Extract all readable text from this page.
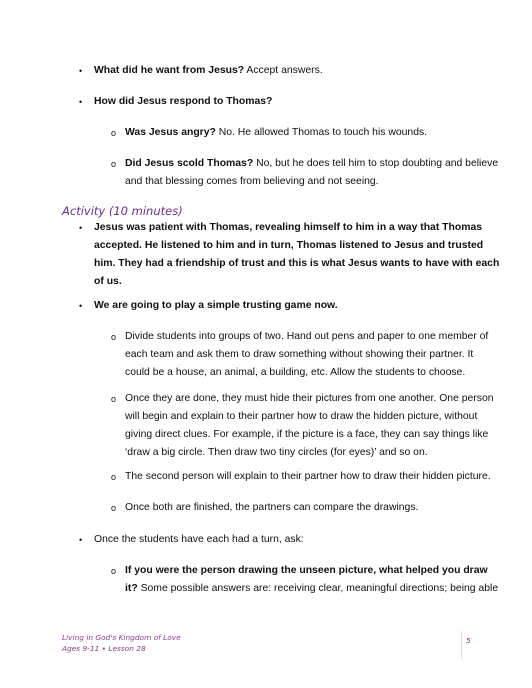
• What did he want from Jesus? Accept answers.

• How did Jesus respond to Thomas?

o Was Jesus angry? No. He allowed Thomas to touch his wounds.

o Did Jesus scold Thomas? No, but he does tell him to stop doubting and believe

and that blessing comes from believing and not seeing.

Activity (10 minutes)

• Jesus was patient with Thomas, revealing himself to him in a way that Thomas

accepted. He listened to him and in turn, Thomas listened to Jesus and trusted

him. They had a friendship of trust and this is what Jesus wants to have with each

of us.

• We are going to play a simple trusting game now.

o Divide students into groups of two. Hand out pens and paper to one member of

each team and ask them to draw something without showing their partner. It

could be a house, an animal, a building, etc. Allow the students to choose.

o Once they are done, they must hide their pictures from one another. One person

will begin and explain to their partner how to draw the hidden picture, without

giving direct clues. For example, if the picture is a face, they can say things like

‘draw a big circle. Then draw two tiny circles (for eyes)’ and so on.

o The second person will explain to their partner how to draw their hidden picture.

o Once both are finished, the partners can compare the drawings.

• Once the students have each had a turn, ask:

o If you were the person drawing the unseen picture, what helped you draw

it? Some possible answers are: receiving clear, meaningful directions; being able

Living in God's Kingdom of Love
Ages 9-11 • Lesson 28
5
